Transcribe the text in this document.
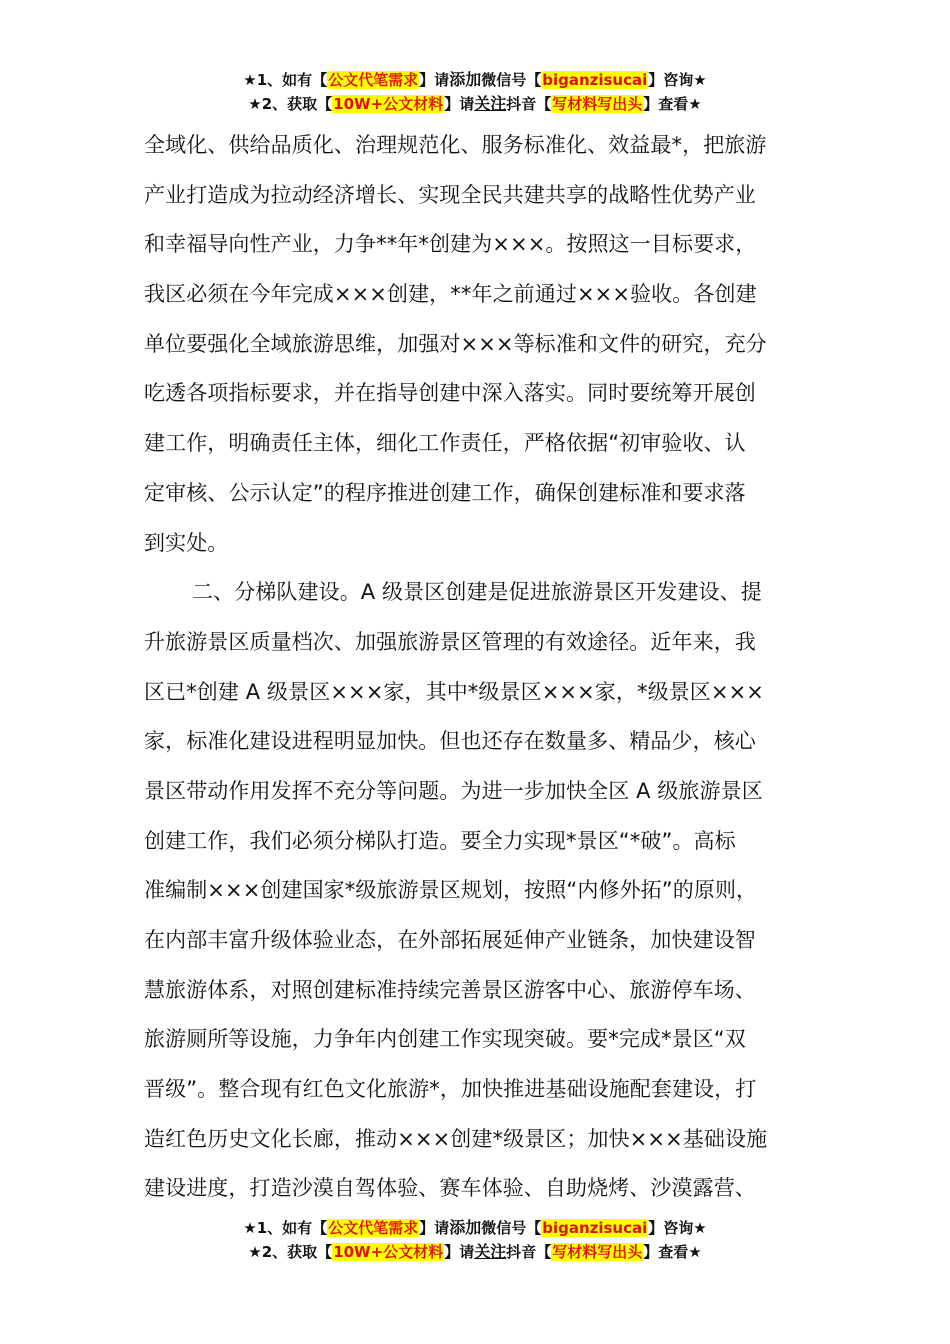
★1、如有【公文代笔需求】请添加微信号【biganzisucai】咨询★
★2、获取【10W+公文材料】请关注抖音【写材料写出头】查看★

全域化、供给品质化、治理规范化、服务标准化、效益最*，把旅游
产业打造成为拉动经济增长、实现全民共建共享的战略性优势产业
和幸福导向性产业，力争**年*创建为×××。按照这一目标要求，
我区必须在今年完成×××创建，**年之前通过×××验收。各创建
单位要强化全域旅游思维，加强对×××等标准和文件的研究，充分
吃透各项指标要求，并在指导创建中深入落实。同时要统筹开展创
建工作，明确责任主体，细化工作责任，严格依据“初审验收、认
定审核、公示认定”的程序推进创建工作，确保创建标准和要求落
到实处。

二、分梯队建设。A 级景区创建是促进旅游景区开发建设、提
升旅游景区质量档次、加强旅游景区管理的有效途径。近年来，我
区已*创建 A 级景区×××家，其中*级景区×××家，*级景区×××
家，标准化建设进程明显加快。但也还存在数量多、精品少，核心
景区带动作用发挥不充分等问题。为进一步加快全区 A 级旅游景区
创建工作，我们必须分梯队打造。要全力实现*景区“*破”。高标
准编制×××创建国家*级旅游景区规划，按照“内修外拓”的原则，
在内部丰富升级体验业态，在外部拓展延伸产业链条，加快建设智
慧旅游体系，对照创建标准持续完善景区游客中心、旅游停车场、
旅游厕所等设施，力争年内创建工作实现突破。要*完成*景区“双
晋级”。整合现有红色文化旅游*，加快推进基础设施配套建设，打
造红色历史文化长廊，推动×××创建*级景区；加快×××基础设施
建设进度，打造沙漠自驾体验、赛车体验、自助烧烤、沙漠露营、

★1、如有【公文代笔需求】请添加微信号【biganzisucai】咨询★
★2、获取【10W+公文材料】请关注抖音【写材料写出头】查看★
